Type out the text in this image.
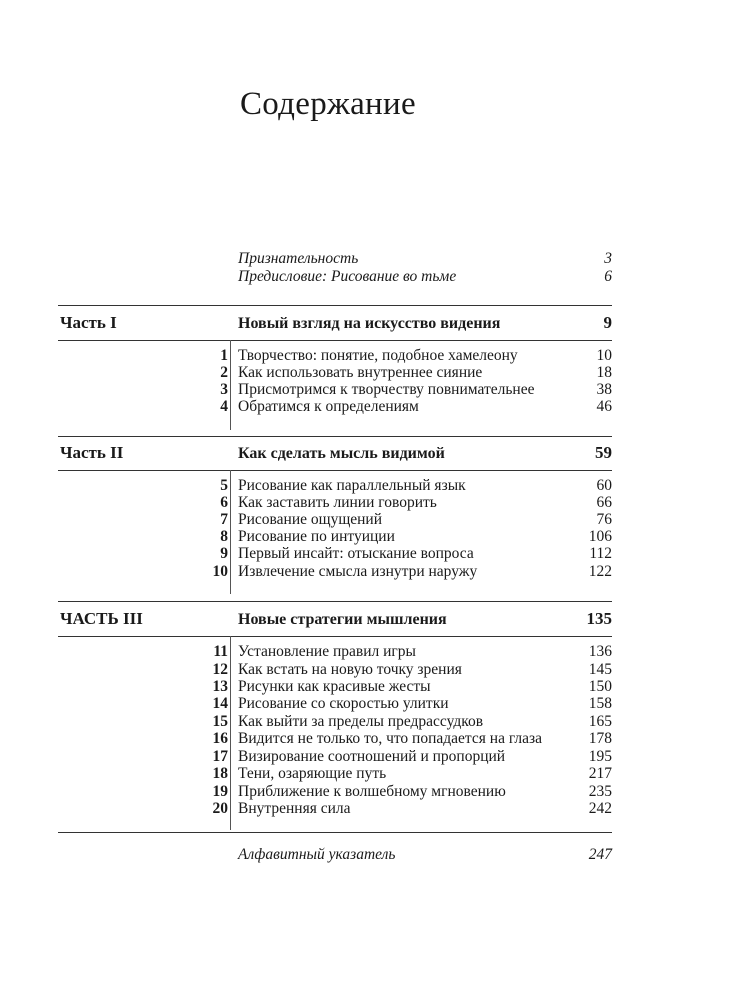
Содержание
Признательность	3
Предисловие: Рисование во тьме	6
Часть I	Новый взгляд на искусство видения	9
1 Творчество: понятие, подобное хамелеону	10
2 Как использовать внутреннее сияние	18
3 Присмотримся к творчеству повнимательнее	38
4 Обратимся к определениям	46
Часть II	Как сделать мысль видимой	59
5 Рисование как параллельный язык	60
6 Как заставить линии говорить	66
7 Рисование ощущений	76
8 Рисование по интуиции	106
9 Первый инсайт: отыскание вопроса	112
10 Извлечение смысла изнутри наружу	122
ЧАСТЬ III	Новые стратегии мышления	135
11 Установление правил игры	136
12 Как встать на новую точку зрения	145
13 Рисунки как красивые жесты	150
14 Рисование со скоростью улитки	158
15 Как выйти за пределы предрассудков	165
16 Видится не только то, что попадается на глаза	178
17 Визирование соотношений и пропорций	195
18 Тени, озаряющие путь	217
19 Приближение к волшебному мгновению	235
20 Внутренняя сила	242
Алфавитный указатель	247
